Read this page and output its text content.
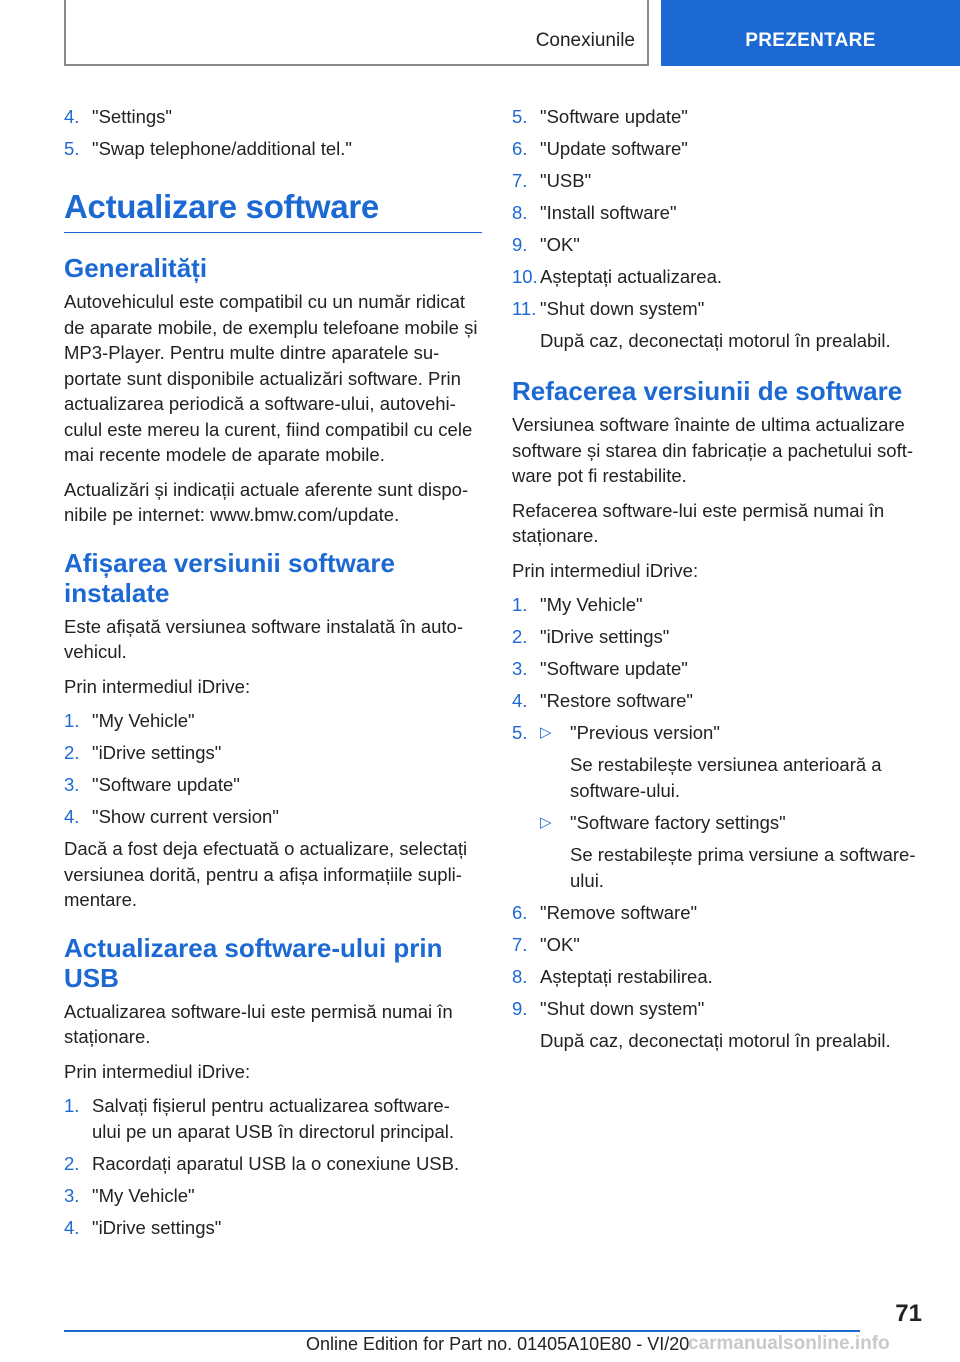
Conexiunile	PREZENTARE
4. "Settings"
5. "Swap telephone/additional tel."
Actualizare software
Generalități
Autovehiculul este compatibil cu un număr ridicat de aparate mobile, de exemplu telefoane mobile și MP3-Player. Pentru multe dintre aparatele su- portate sunt disponibile actualizări software. Prin actualizarea periodică a software-ului, autovehi- culul este mereu la curent, fiind compatibil cu cele mai recente modele de aparate mobile.
Actualizări și indicații actuale aferente sunt dispo- nibile pe internet: www.bmw.com/update.
Afișarea versiunii software instalate
Este afișată versiunea software instalată în auto- vehicul.
Prin intermediul iDrive:
1. "My Vehicle"
2. "iDrive settings"
3. "Software update"
4. "Show current version"
Dacă a fost deja efectuată o actualizare, selectați versiunea dorită, pentru a afișa informațiile supli- mentare.
Actualizarea software-ului prin USB
Actualizarea software-lui este permisă numai în staționare.
Prin intermediul iDrive:
1. Salvați fișierul pentru actualizarea software- ului pe un aparat USB în directorul principal.
2. Racordați aparatul USB la o conexiune USB.
3. "My Vehicle"
4. "iDrive settings"
5. "Software update"
6. "Update software"
7. "USB"
8. "Install software"
9. "OK"
10. Așteptați actualizarea.
11. "Shut down system"
După caz, deconectați motorul în prealabil.
Refacerea versiunii de software
Versiunea software înainte de ultima actualizare software și starea din fabricație a pachetului soft- ware pot fi restabilite.
Refacerea software-lui este permisă numai în staționare.
Prin intermediul iDrive:
1. "My Vehicle"
2. "iDrive settings"
3. "Software update"
4. "Restore software"
5. ▷ "Previous version"
Se restabilește versiunea anterioară a software-ului.
▷ "Software factory settings"
Se restabilește prima versiune a software- ului.
6. "Remove software"
7. "OK"
8. Așteptați restabilirea.
9. "Shut down system"
După caz, deconectați motorul în prealabil.
71
Online Edition for Part no. 01405A10E80 - VI/20
carmanualsonline.info
